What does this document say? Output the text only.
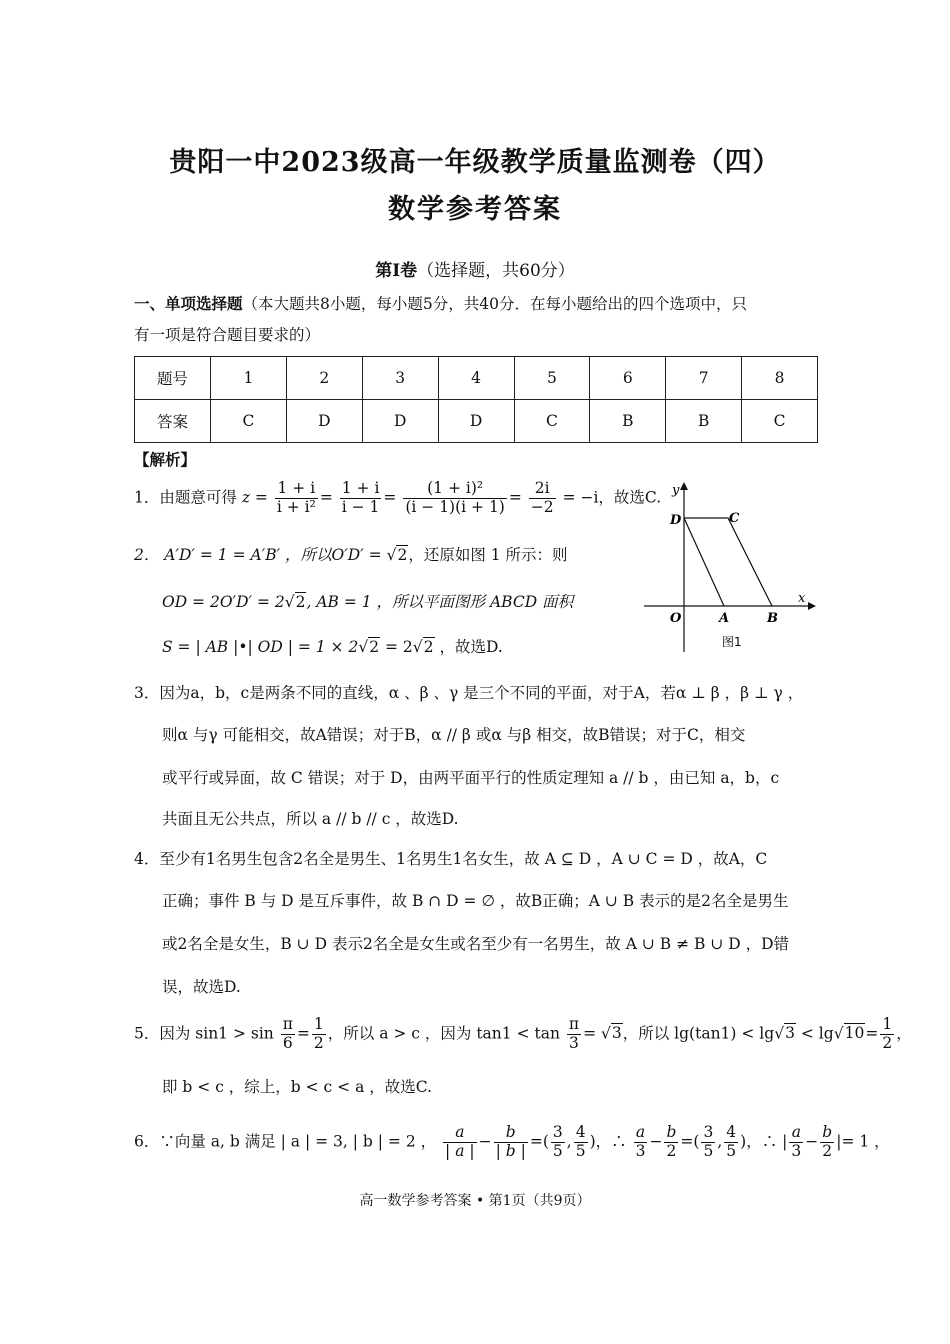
贵阳一中2023级高一年级教学质量监测卷（四）
数学参考答案
第Ⅰ卷（选择题，共60分）
一、单项选择题（本大题共8小题，每小题5分，共40分．在每小题给出的四个选项中，只
有一项是符合题目要求的）
题号	1	2	3	4	5	6	7	8
答案	C	D	D	D	C	B	B	C
【解析】
1．由题意可得 $z = \frac{1 + i}{\text{i + i²}} = \frac{1 + i}{i - 1} = \frac{\text{(1 + i)²}}{(i - 1)(i + 1)} = \frac{2i}{-2} = -i$，故选C. y
x
O	A	B
C
D
图1
2． A′D′ = 1 = A′B′ ，所以O′D′ = √2，还原如图 1 所示：则
OD = 2O′D′ = 2√2, AB = 1 ，所以平面图形 ABCD 面积
S = | AB |•| OD | = 1 × 2√2 = 2√2 ，故选D.
3．因为a，b，c是两条不同的直线，α 、β 、γ 是三个不同的平面，对于A，若α ⊥ β ，β ⊥ γ ，
则α 与γ 可能相交，故A错误；对于B，α // β 或α 与β 相交，故B错误；对于C，相交
或平行或异面，故 C 错误；对于 D，由两平面平行的性质定理知 a // b ，由已知 a，b，c
共面且无公共点，所以 a // b // c ，故选D.
4．至少有1名男生包含2名全是男生、1名男生1名女生，故 A ⊆ D ，A ∪ C = D ，故A，C
正确；事件 B 与 D 是互斥事件，故 B ∩ D = ∅ ，故B正确；A ∪ B 表示的是2名全是男生
或2名全是女生，B ∪ D 表示2名全是女生或名至少有一名男生，故 A ∪ B ≠ B ∪ D ，D错
误，故选D.
5．因为 $\sin 1 > \sin \frac{\pi}{6} = \frac{1}{2}$ ，所以 a > c ，因为 $\tan 1 < \tan \frac{\pi}{3} = √3$，所以 $\lg(\tan 1) < \lg√3 < \lg√10= \frac{1}{2}$ ，
即 b < c ，综上，b < c < a ，故选C.
6．∵向量 a, b 满足 | a | = 3, | b | = 2 ， $\frac{a}{| a |} - \frac{b}{| b |}$ =( $\frac{3}{5}$ , $\frac{4}{5}$ )，∴ $\frac{a}{3} - \frac{b}{2}$ =( $\frac{3}{5}$ , $\frac{4}{5}$ )，∴ | $\frac{a}{3} - \frac{b}{2}$ |= 1 ，
高一数学参考答案 • 第1页（共9页）
